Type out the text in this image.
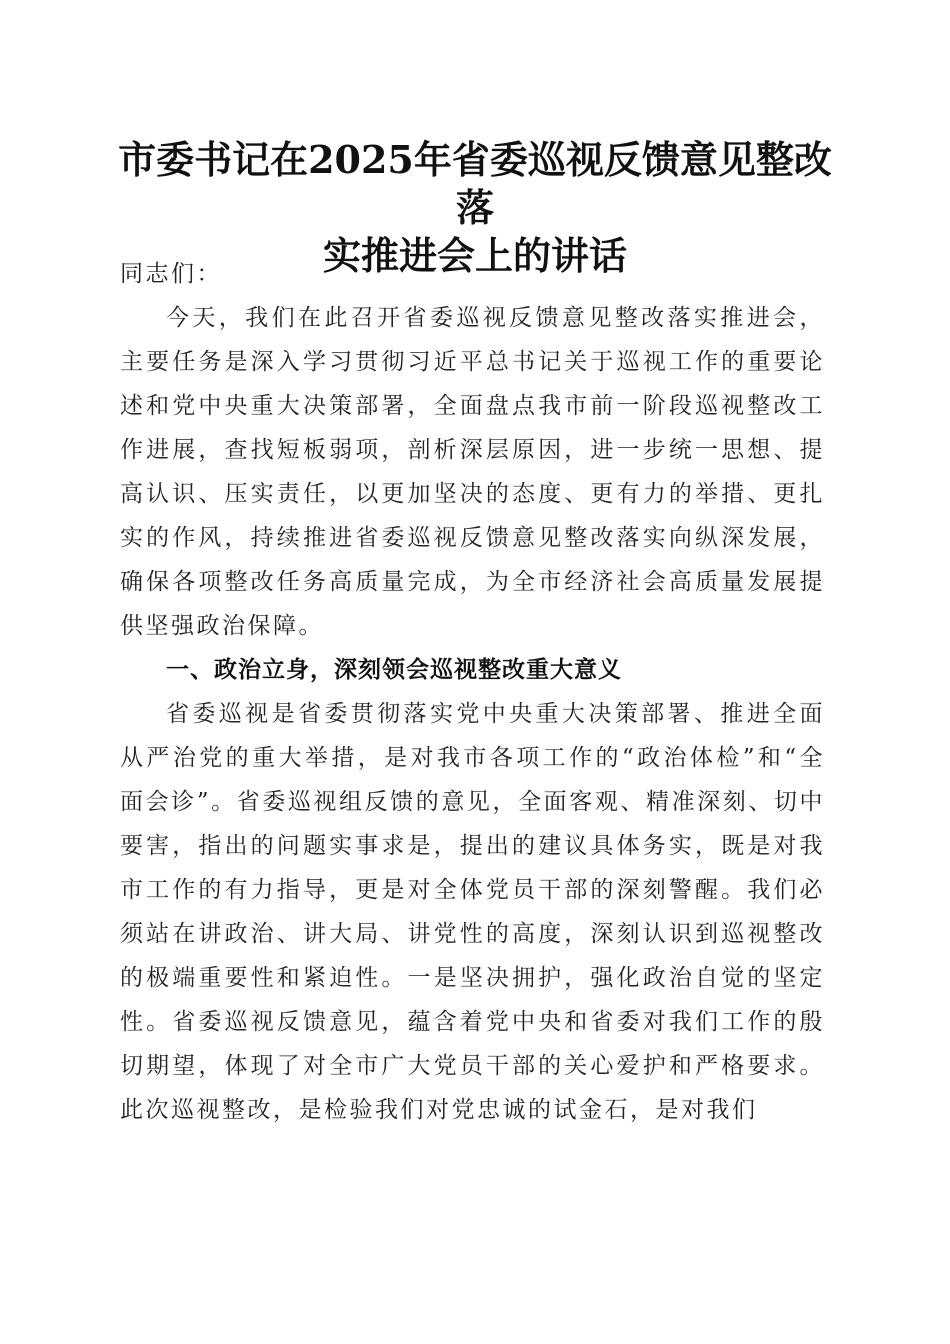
市委书记在2025年省委巡视反馈意见整改落
实推进会上的讲话

同志们：

今天，我们在此召开省委巡视反馈意见整改落实推进会，主要任务是深入学习贯彻习近平总书记关于巡视工作的重要论述和党中央重大决策部署，全面盘点我市前一阶段巡视整改工作进展，查找短板弱项，剖析深层原因，进一步统一思想、提高认识、压实责任，以更加坚决的态度、更有力的举措、更扎实的作风，持续推进省委巡视反馈意见整改落实向纵深发展，确保各项整改任务高质量完成，为全市经济社会高质量发展提供坚强政治保障。

一、政治立身，深刻领会巡视整改重大意义

省委巡视是省委贯彻落实党中央重大决策部署、推进全面从严治党的重大举措，是对我市各项工作的“政治体检”和“全面会诊”。省委巡视组反馈的意见，全面客观、精准深刻、切中要害，指出的问题实事求是，提出的建议具体务实，既是对我市工作的有力指导，更是对全体党员干部的深刻警醒。我们必须站在讲政治、讲大局、讲党性的高度，深刻认识到巡视整改的极端重要性和紧迫性。一是坚决拥护，强化政治自觉的坚定性。省委巡视反馈意见，蕴含着党中央和省委对我们工作的殷切期望，体现了对全市广大党员干部的关心爱护和严格要求。此次巡视整改，是检验我们对党忠诚的试金石，是对我们
